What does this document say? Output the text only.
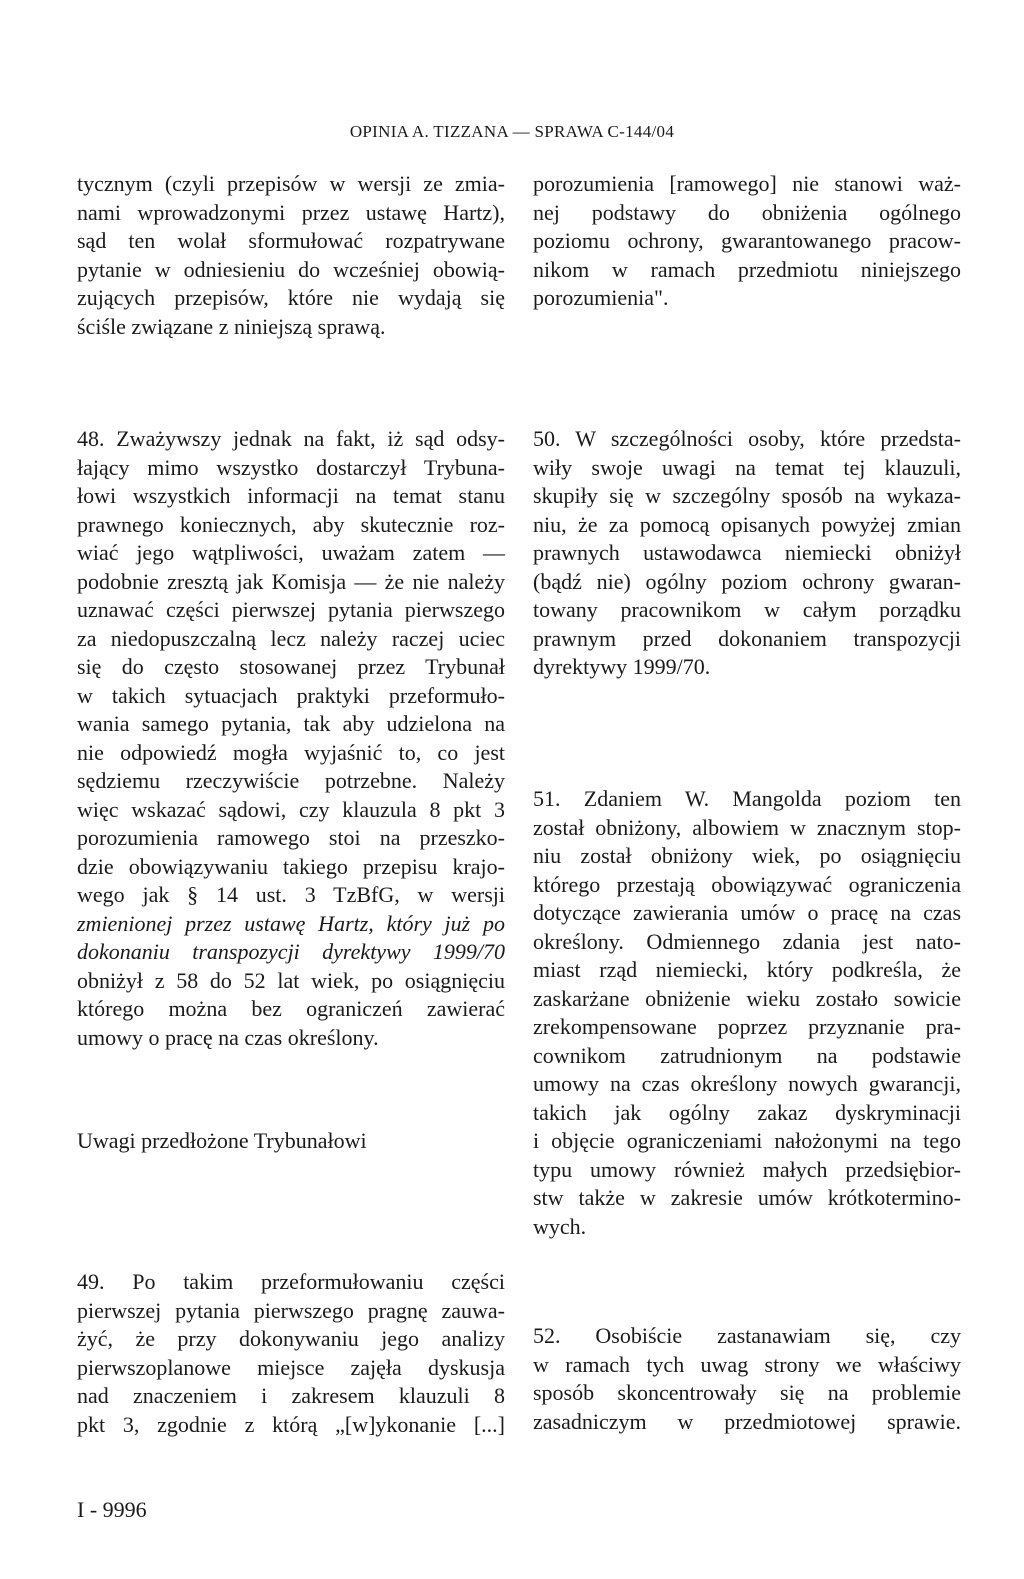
OPINIA A. TIZZANA — SPRAWA C-144/04
tycznym (czyli przepisów w wersji ze zmia-
nami wprowadzonymi przez ustawę Hartz),
sąd ten wolał sformułować rozpatrywane
pytanie w odniesieniu do wcześniej obowią-
zujących przepisów, które nie wydają się
ściśle związane z niniejszą sprawą.
porozumienia [ramowego] nie stanowi waż-
nej podstawy do obniżenia ogólnego
poziomu ochrony, gwarantowanego pracow-
nikom w ramach przedmiotu niniejszego
porozumienia".
48. Zważywszy jednak na fakt, iż sąd odsy-
łający mimo wszystko dostarczył Trybuna-
łowi wszystkich informacji na temat stanu
prawnego koniecznych, aby skutecznie roz-
wiać jego wątpliwości, uważam zatem —
podobnie zresztą jak Komisja — że nie należy
uznawać części pierwszej pytania pierwszego
za niedopuszczalną lecz należy raczej uciec
się do często stosowanej przez Trybunał
w takich sytuacjach praktyki przeformuło-
wania samego pytania, tak aby udzielona na
nie odpowiedź mogła wyjaśnić to, co jest
sędziemu rzeczywiście potrzebne. Należy
więc wskazać sądowi, czy klauzula 8 pkt 3
porozumienia ramowego stoi na przeszko-
dzie obowiązywaniu takiego przepisu krajo-
wego jak § 14 ust. 3 TzBfG, w wersji
zmienionej przez ustawę Hartz, który już po
dokonaniu transpozycji dyrektywy 1999/70
obniżył z 58 do 52 lat wiek, po osiągnięciu
którego można bez ograniczeń zawierać
umowy o pracę na czas określony.
Uwagi przedłożone Trybunałowi
49. Po takim przeformułowaniu części
pierwszej pytania pierwszego pragnę zauwa-
żyć, że przy dokonywaniu jego analizy
pierwszoplanowe miejsce zajęła dyskusja
nad znaczeniem i zakresem klauzuli 8
pkt 3, zgodnie z którą „[w]ykonanie [...]
50. W szczególności osoby, które przedsta-
wiły swoje uwagi na temat tej klauzuli,
skupiły się w szczególny sposób na wykaza-
niu, że za pomocą opisanych powyżej zmian
prawnych ustawodawca niemiecki obniżył
(bądź nie) ogólny poziom ochrony gwaran-
towany pracownikom w całym porządku
prawnym przed dokonaniem transpozycji
dyrektywy 1999/70.
51. Zdaniem W. Mangolda poziom ten
został obniżony, albowiem w znacznym stop-
niu został obniżony wiek, po osiągnięciu
którego przestają obowiązywać ograniczenia
dotyczące zawierania umów o pracę na czas
określony. Odmiennego zdania jest nato-
miast rząd niemiecki, który podkreśla, że
zaskarżane obniżenie wieku zostało sowicie
zrekompensowane poprzez przyznanie pra-
cownikom zatrudnionym na podstawie
umowy na czas określony nowych gwarancji,
takich jak ogólny zakaz dyskryminacji
i objęcie ograniczeniami nałożonymi na tego
typu umowy również małych przedsiębior-
stw także w zakresie umów krótkotermino-
wych.
52. Osobiście zastanawiam się, czy
w ramach tych uwag strony we właściwy
sposób skoncentrowały się na problemie
zasadniczym w przedmiotowej sprawie.
I - 9996
